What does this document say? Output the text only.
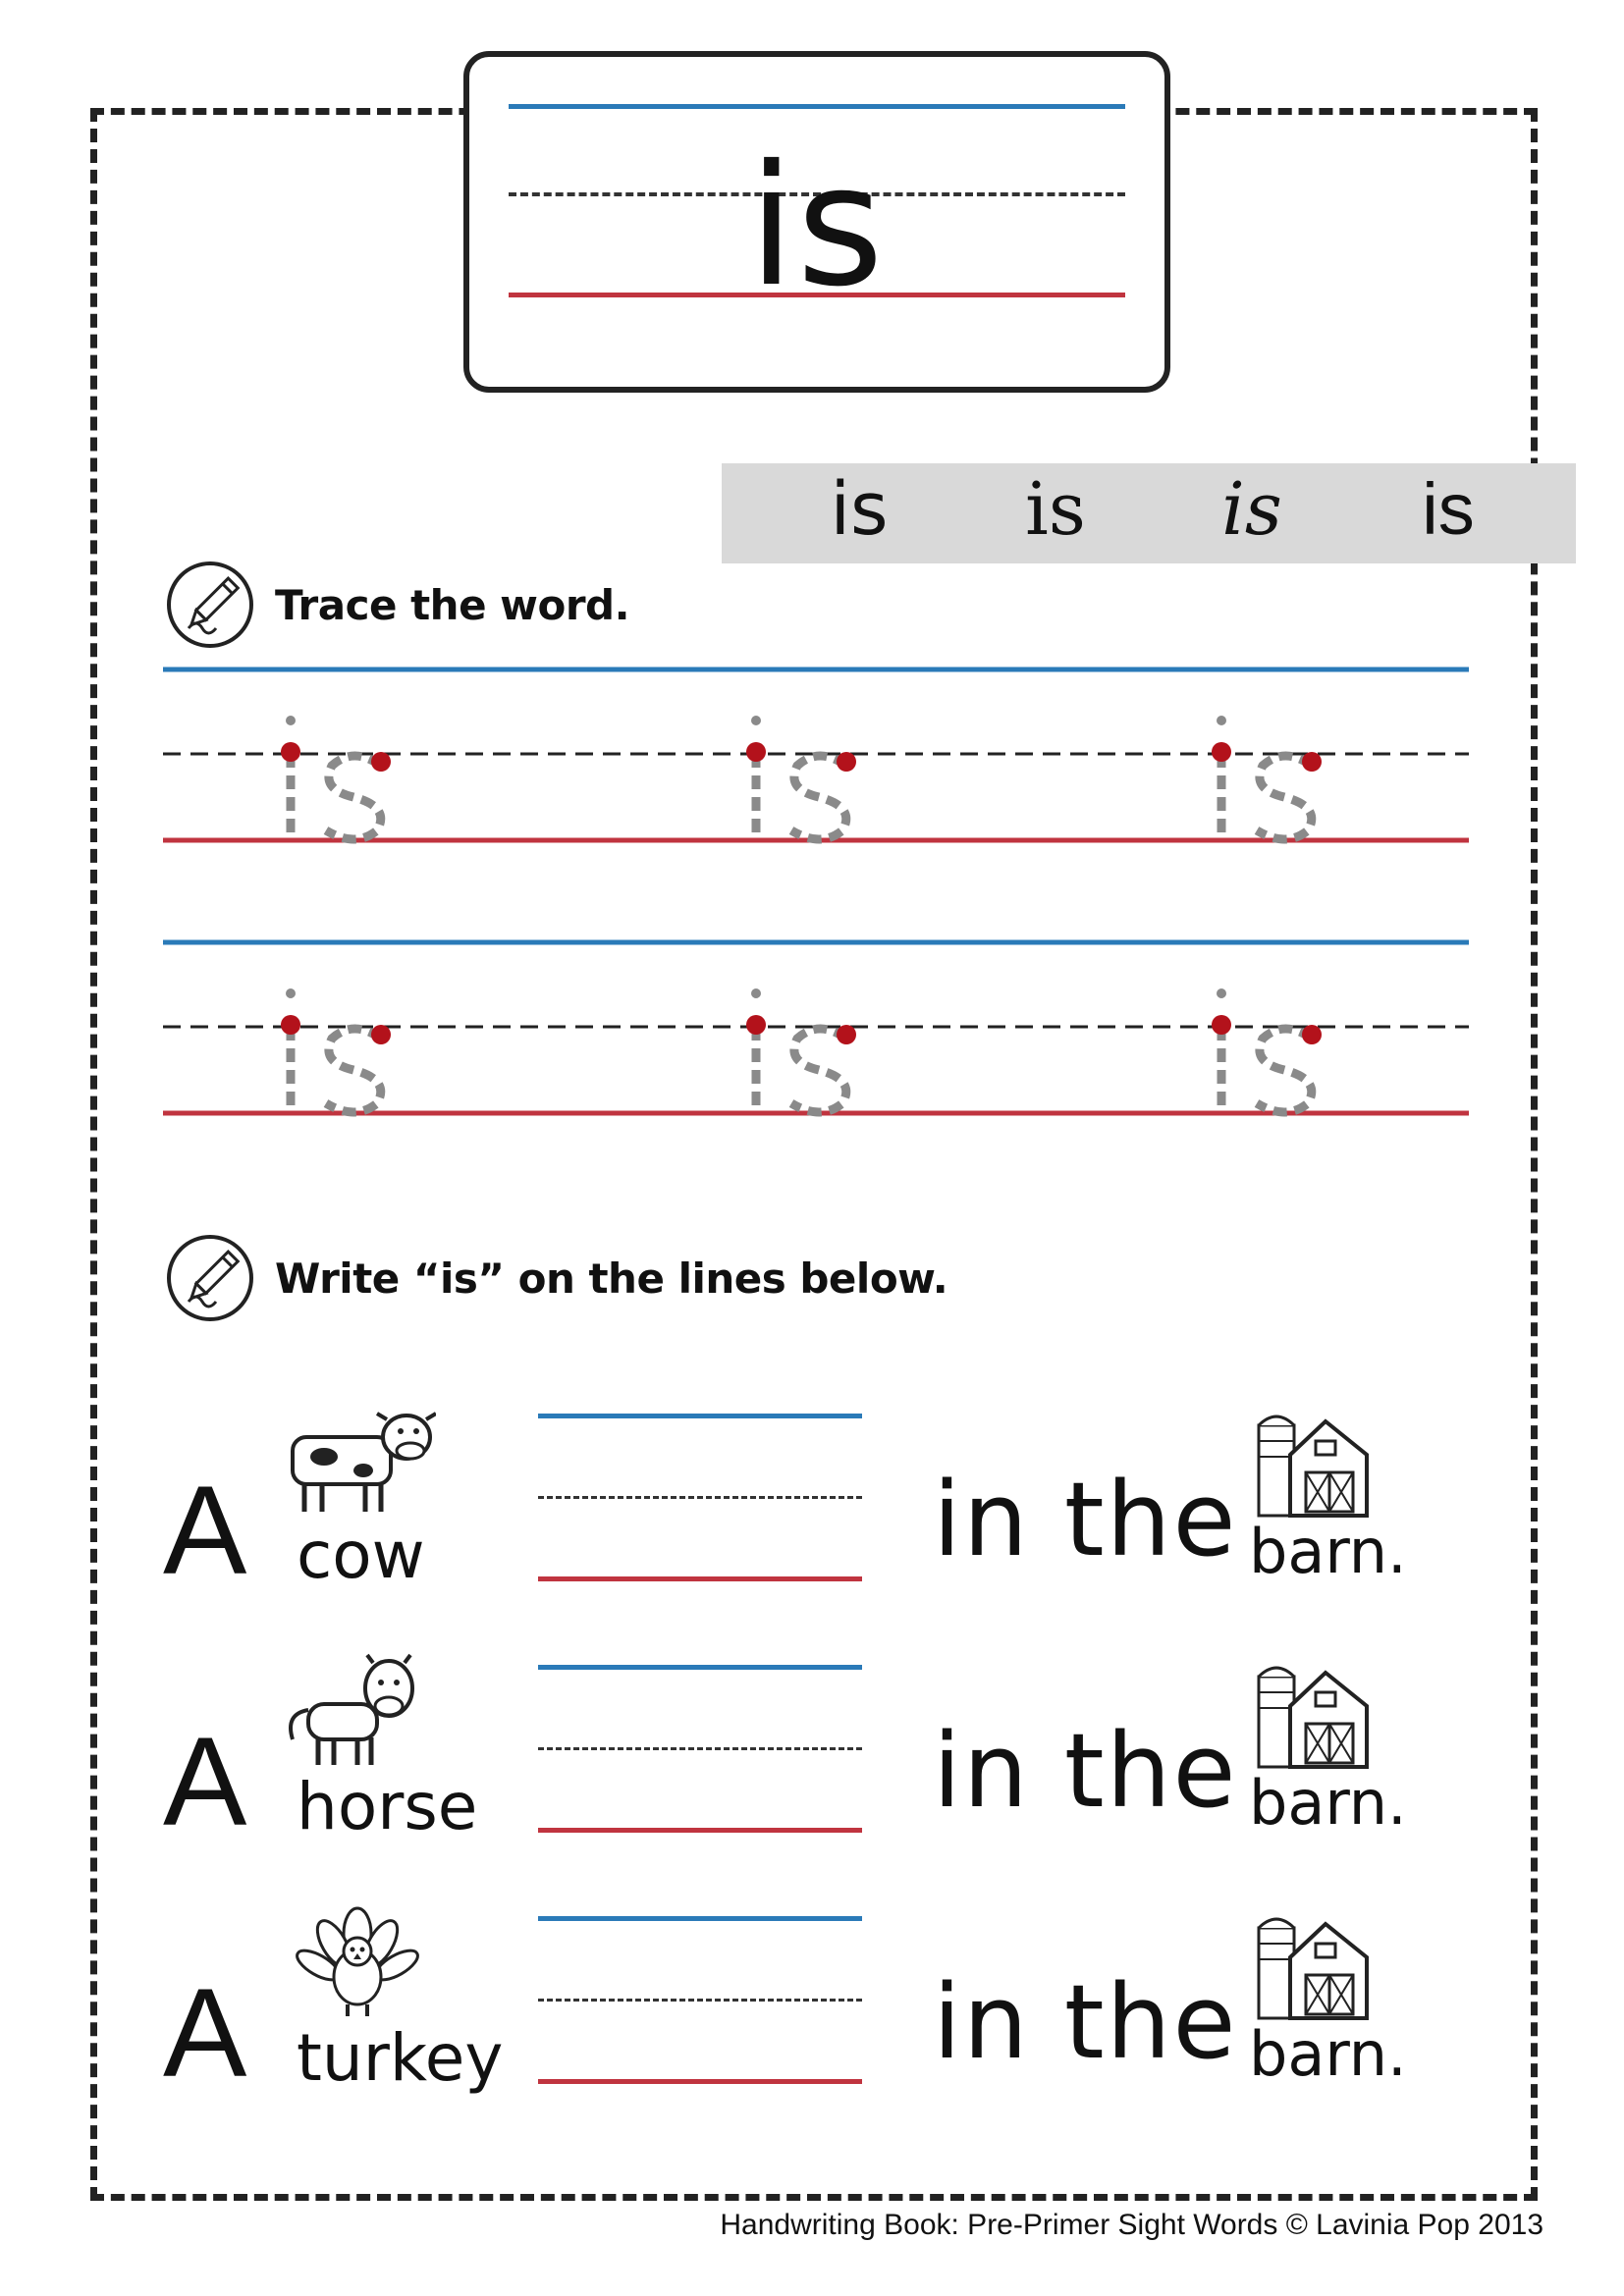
is
is	is	is	is
Trace the word.
Write “is” on the lines below.
A cow	in the barn.
A horse	in the barn.
A turkey	in the barn.
Handwriting Book: Pre-Primer Sight Words © Lavinia Pop 2013
